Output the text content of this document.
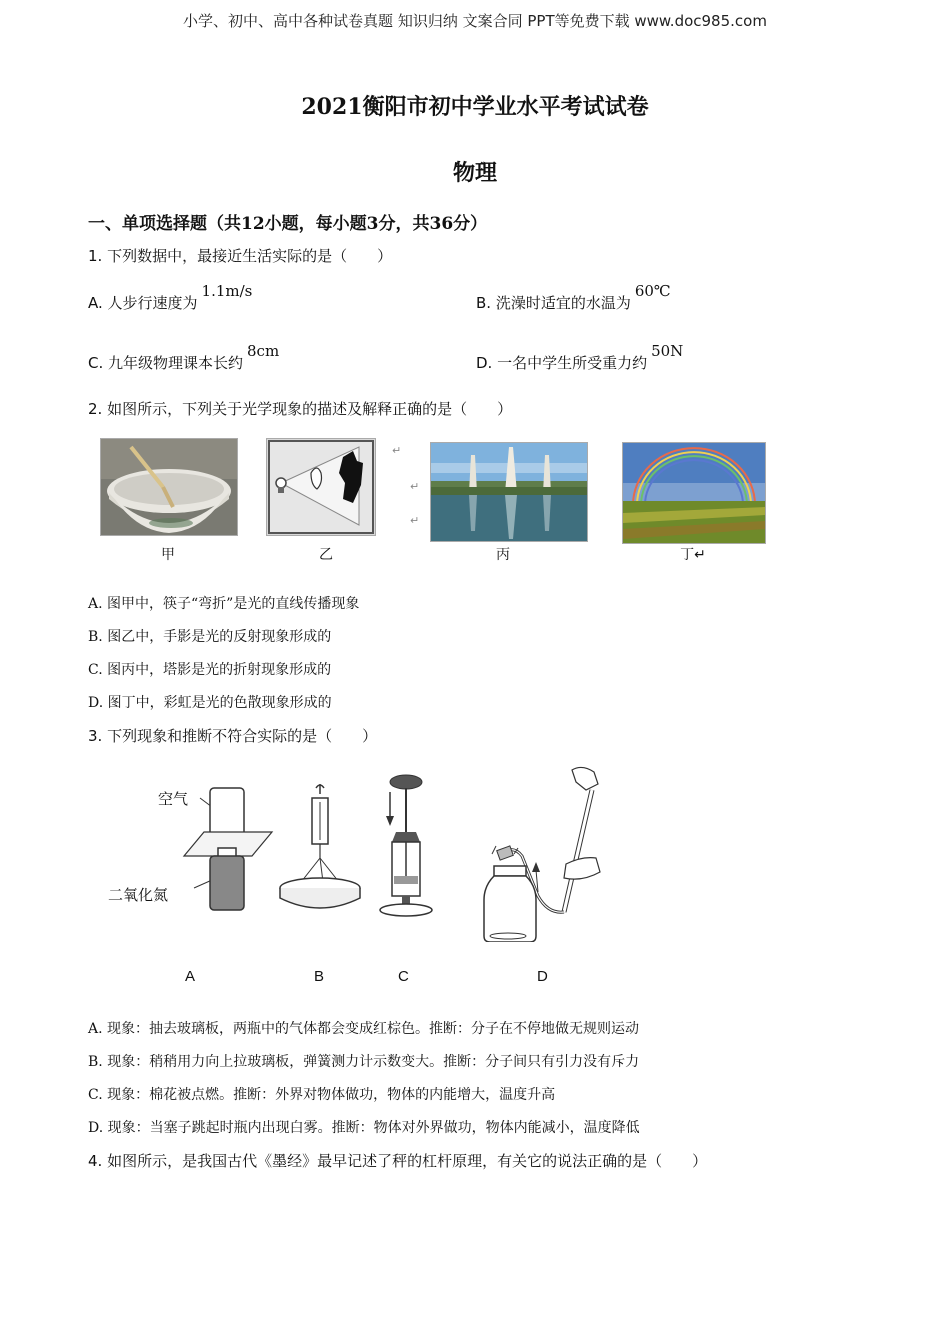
小学、初中、高中各种试卷真题 知识归纳 文案合同 PPT等免费下载 www.doc985.com
2021衡阳市初中学业水平考试试卷
物理
一、单项选择题（共12小题，每小题3分，共36分）
1. 下列数据中，最接近生活实际的是（　　）
A. 人步行速度为1.1m/s
B. 洗澡时适宜的水温为60℃
C. 九年级物理课本长约8cm
D. 一名中学生所受重力约50N
2. 如图所示，下列关于光学现象的描述及解释正确的是（　　）
甲	乙
↵
↵
↵
丙	丁↵
A. 图甲中，筷子“弯折”是光的直线传播现象
B. 图乙中，手影是光的反射现象形成的
C. 图丙中，塔影是光的折射现象形成的
D. 图丁中，彩虹是光的色散现象形成的
3. 下列现象和推断不符合实际的是（　　）
空气
二氧化氮
A	B	C	D
A. 现象：抽去玻璃板，两瓶中的气体都会变成红棕色。推断：分子在不停地做无规则运动
B. 现象：稍稍用力向上拉玻璃板，弹簧测力计示数变大。推断：分子间只有引力没有斥力
C. 现象：棉花被点燃。推断：外界对物体做功，物体的内能增大，温度升高
D. 现象：当塞子跳起时瓶内出现白雾。推断：物体对外界做功，物体内能减小，温度降低
4. 如图所示，是我国古代《墨经》最早记述了秤的杠杆原理，有关它的说法正确的是（　　）
